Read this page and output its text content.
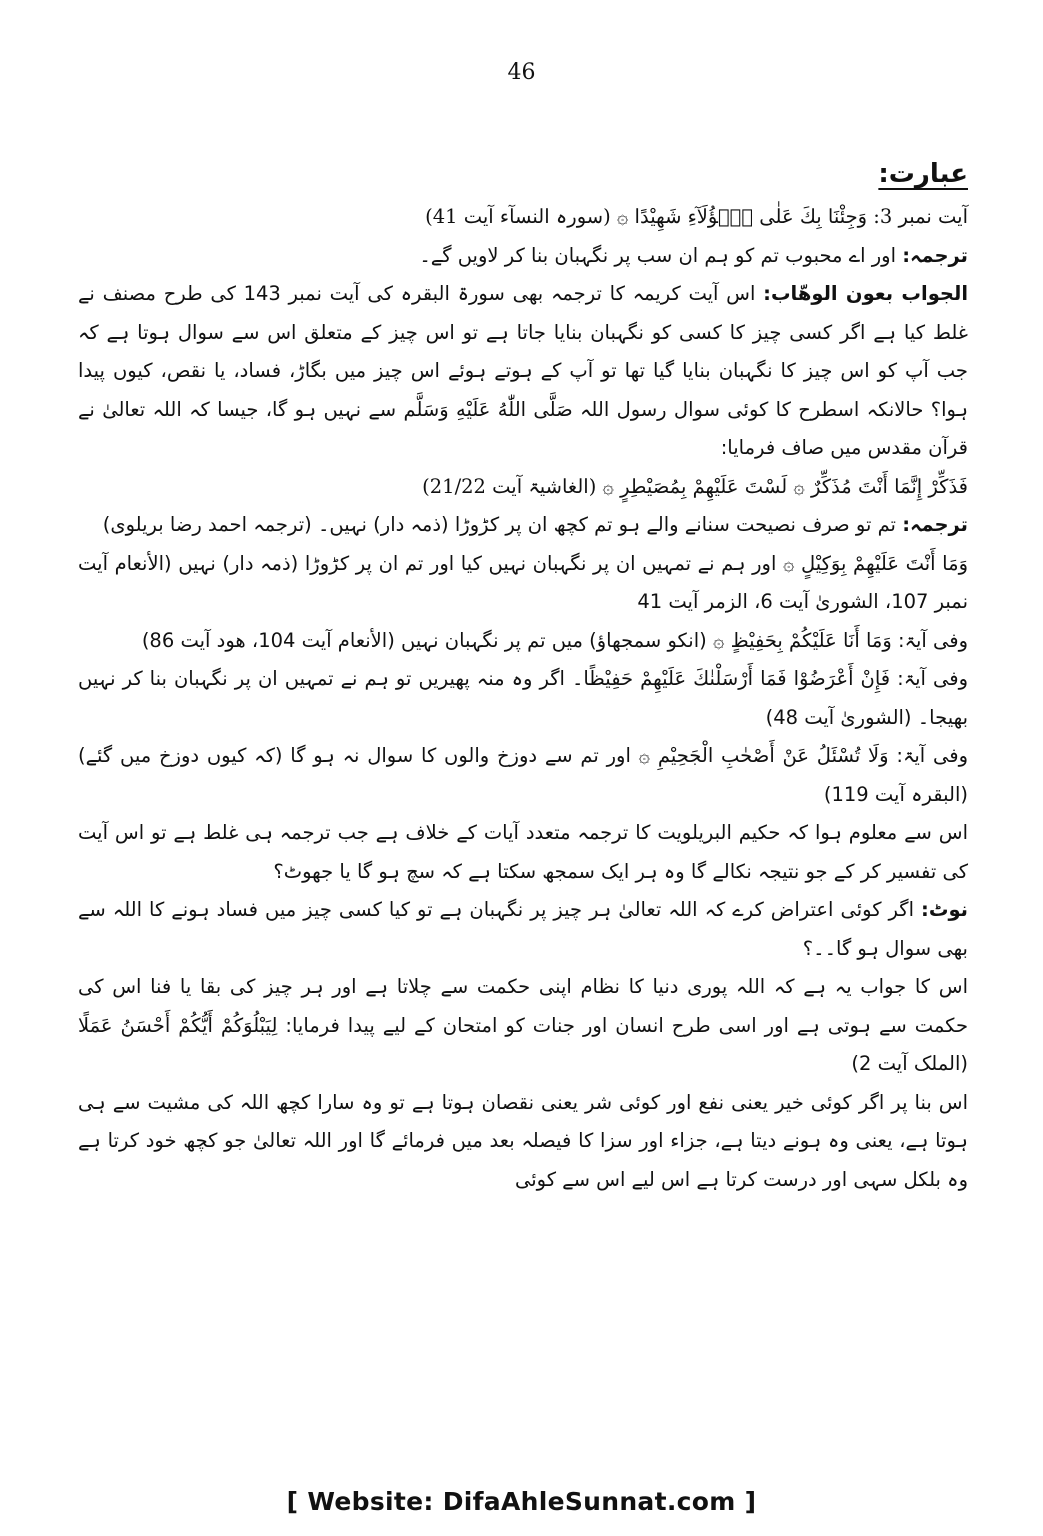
46
عبارت:

آیت نمبر 3: وَجِئْنَا بِكَ عَلٰى هٰۤؤُلَآءِ شَهِيْدًا ۞ (سورہ النسآء آیت 41)

ترجمہ: اور اے محبوب تم کو ہم ان سب پر نگہبان بنا کر لاویں گے۔

الجواب بعون الوھّاب: اس آیت کریمہ کا ترجمہ بھی سورۃ البقرہ کی آیت نمبر 143 کی طرح مصنف نے غلط کیا ہے اگر کسی چیز کا کسی کو نگہبان بنایا جاتا ہے تو اس چیز کے متعلق اس سے سوال ہوتا ہے کہ جب آپ کو اس چیز کا نگہبان بنایا گیا تھا تو آپ کے ہوتے ہوئے اس چیز میں بگاڑ، فساد، یا نقص، کیوں پیدا ہوا؟ حالانکہ اسطرح کا کوئی سوال رسول اللہ صَلَّى اللّٰهُ عَلَيْهِ وَسَلَّم سے نہیں ہو گا، جیسا کہ اللہ تعالیٰ نے قرآن مقدس میں صاف فرمایا:

فَذَكِّرْ إِنَّمَا أَنْتَ مُذَكِّرٌ ۞ لَسْتَ عَلَيْهِمْ بِمُصَيْطِرٍ ۞ (الغاشیۃ آیت 21/22)

ترجمہ: تم تو صرف نصیحت سنانے والے ہو تم کچھ ان پر کڑوڑا (ذمہ دار) نہیں۔ (ترجمہ احمد رضا بریلوی)

وَمَا أَنْتَ عَلَيْهِمْ بِوَكِيْلٍ ۞ اور ہم نے تمہیں ان پر نگہبان نہیں کیا اور تم ان پر کڑوڑا (ذمہ دار) نہیں (الأنعام آیت نمبر 107، الشوریٰ آیت 6، الزمر آیت 41

وفی آیۃ: وَمَا أَنَا عَلَيْكُمْ بِحَفِيْظٍ ۞ (انکو سمجھاؤ) میں تم پر نگہبان نہیں (الأنعام آیت 104، ھود آیت 86)

وفی آیۃ: فَإِنْ أَعْرَضُوْا فَمَا أَرْسَلْنٰكَ عَلَيْهِمْ حَفِيْظًا۔ اگر وہ منہ پھیریں تو ہم نے تمہیں ان پر نگہبان بنا کر نہیں بھیجا۔ (الشوریٰ آیت 48)

وفی آیۃ: وَلَا تُسْئَلُ عَنْ أَصْحٰبِ الْجَحِيْمِ ۞ اور تم سے دوزخ والوں کا سوال نہ ہو گا (کہ کیوں دوزخ میں گئے) (البقرہ آیت 119)

اس سے معلوم ہوا کہ حکیم البریلویت کا ترجمہ متعدد آیات کے خلاف ہے جب ترجمہ ہی غلط ہے تو اس آیت کی تفسیر کر کے جو نتیجہ نکالے گا وہ ہر ایک سمجھ سکتا ہے کہ سچ ہو گا یا جھوٹ؟

نوٹ: اگر کوئی اعتراض کرے کہ اللہ تعالیٰ ہر چیز پر نگہبان ہے تو کیا کسی چیز میں فساد ہونے کا اللہ سے بھی سوال ہو گا۔۔؟

اس کا جواب یہ ہے کہ اللہ پوری دنیا کا نظام اپنی حکمت سے چلاتا ہے اور ہر چیز کی بقا یا فنا اس کی حکمت سے ہوتی ہے اور اسی طرح انسان اور جنات کو امتحان کے لیے پیدا فرمایا: لِيَبْلُوَكُمْ أَيُّكُمْ أَحْسَنُ عَمَلًا (الملک آیت 2)

اس بنا پر اگر کوئی خیر یعنی نفع اور کوئی شر یعنی نقصان ہوتا ہے تو وہ سارا کچھ اللہ کی مشیت سے ہی ہوتا ہے، یعنی وہ ہونے دیتا ہے، جزاء اور سزا کا فیصلہ بعد میں فرمائے گا اور اللہ تعالیٰ جو کچھ خود کرتا ہے وہ بلکل سہی اور درست کرتا ہے اس لیے اس سے کوئی

[ Website: DifaAhleSunnat.com ]
